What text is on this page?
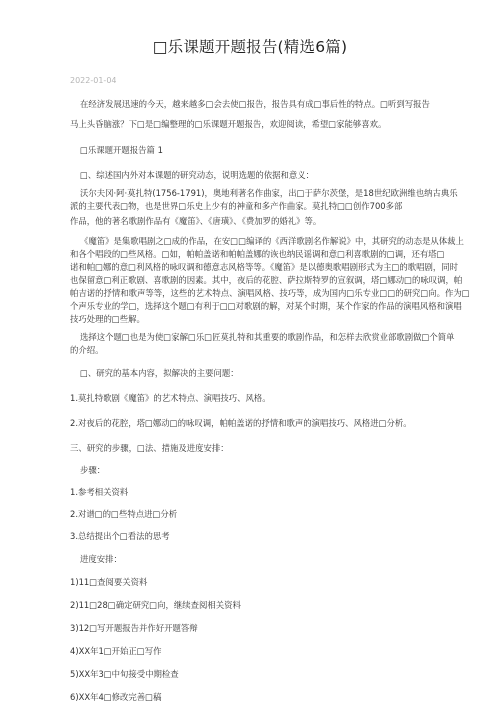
□乐课题开题报告(精选6篇)
2022-01-04
在经济发展迅速的今天，越来越多□会去使□报告，报告具有成□事后性的特点。□听到写报告
马上头昏脑涨？下□是□编整理的□乐课题开题报告，欢迎阅读，希望□家能够喜欢。
□乐课题开题报告篇 1
□、综述国内外对本课题的研究动态，说明选题的依据和意义：
沃尔夫冈·阿·莫扎特(1756-1791)，奥地利著名作曲家，出□于萨尔茨堡，是18世纪欧洲维也纳古典乐
派的主要代表□物，也是世界□乐史上少有的神童和多产作曲家。莫扎特□□创作700多部
作品，他的著名歌剧作品有《魔笛》、《唐璜》、《费加罗的婚礼》等。
《魔笛》是集歌唱剧之□成的作品，在安□□编译的《西洋歌剧名作解说》中，其研究的动态是从体裁上
和各个唱段的□些风格。□如，帕帕盖诺和帕帕盖娜的诙也纳民谣调和意□利喜歌剧的□调，还有塔□
诺和帕□娜的意□利风格的咏叹调和德意志风格等等。《魔笛》是以德奥歌唱剧形式为主□的歌唱剧，同时
也保留意□利正歌剧、喜歌剧的因素。其中，夜后的花腔、萨拉斯特罗的宣叙调，塔□娜动□的咏叹调，帕
帕吉诺的抒情和歌声等等，这些的艺术特点、演唱风格、技巧等，成为国内□乐专业□□的研究□向。作为□
个声乐专业的学□，选择这个题□有利于□□对歌剧的解，对某个时期，某个作家的作品的演唱风格和演唱
技巧处理的□些解。
选择这个题□也是为使□家解□乐□匠莫扎特和其重要的歌剧作品，和怎样去欣赏业部歌剧做□个简单
的介绍。
□、研究的基本内容，拟解决的主要问题：
1.莫扎特歌剧《魔笛》的艺术特点、演唱技巧、风格。
2.对夜后的花腔，塔□娜动□的咏叹调，帕帕盖诺的抒情和歌声的演唱技巧、风格进□分析。
三、研究的步骤，□法、措施及进度安排：
步骤：
1.参考相关资料
2.对谱□的□些特点进□分析
3.总结提出个□看法的思考
进度安排：
1)11□查阅要关资料
2)11□28□确定研究□向，继续查阅相关资料
3)12□写开题报告并作好开题答辩
4)XX年1□开始正□写作
5)XX年3□中旬接受中期检查
6)XX年4□修改完善□稿
